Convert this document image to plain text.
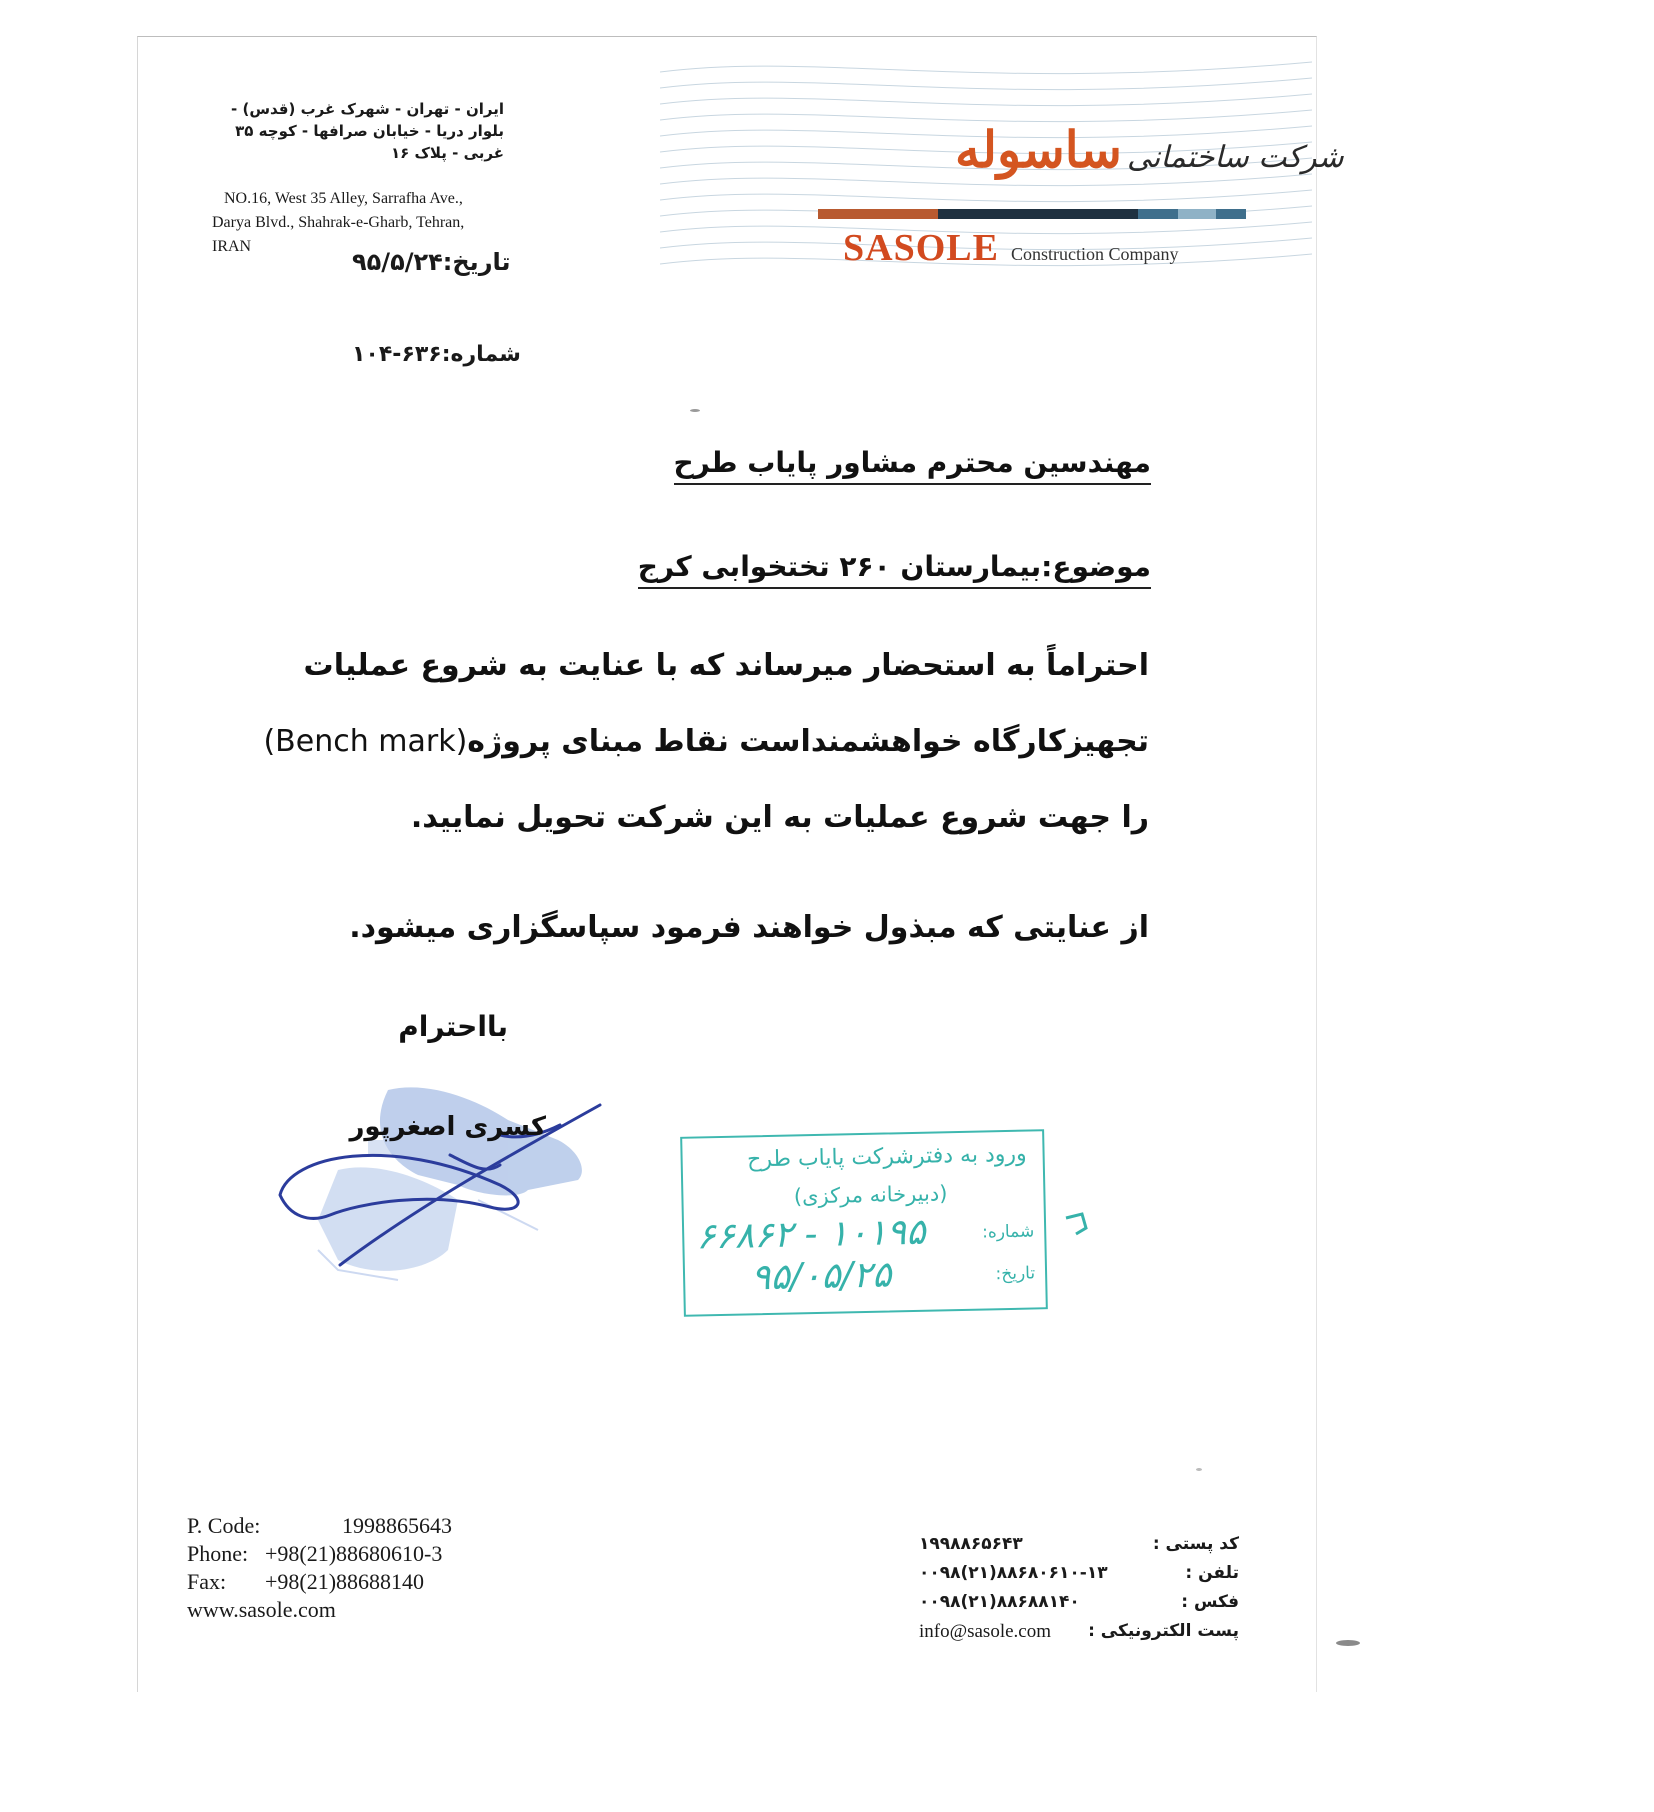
ایران - تهران - شهرک غرب (قدس) -
بلوار دریا - خیابان صرافها - کوچه ۳۵
غربی - پلاک ۱۶
NO.16, West 35 Alley, Sarrafha Ave.,
Darya Blvd., Shahrak-e-Gharb, Tehran,
IRAN
تاریخ:۹۵/۵/۲۴
شماره:۶۳۶-۱۰۴
شرکت ساختمانی ساسوله
SASOLE Construction Company
مهندسین محترم مشاور پایاب طرح
موضوع:بیمارستان ۲۶۰ تختخوابی کرج
احتراماً به استحضار میرساند که با عنایت به شروع عملیات
تجهیزکارگاه خواهشمنداست نقاط مبنای پروژه(Bench mark)
را جهت شروع عملیات به این شرکت تحویل نمایید.
از عنایتی که مبذول خواهند فرمود سپاسگزاری میشود.
بااحترام
کسری اصغرپور
ورود به دفترشرکت پایاب طرح
(دبیرخانه مرکزی)
شماره:
۱۰۱۹۵ - ۶۶۸۶۲
تاریخ:
۹۵/۰۵/۲۵
P. Code:	1998865643
Phone: +98(21)88680610-3
Fax: +98(21)88688140
www.sasole.com
کد پستی :
۱۹۹۸۸۶۵۶۴۳
تلفن :
۰۰۹۸(۲۱)۸۸۶۸۰۶۱۰-۱۳
فکس :
۰۰۹۸(۲۱)۸۸۶۸۸۱۴۰
پست الکترونیکی :
info@sasole.com
